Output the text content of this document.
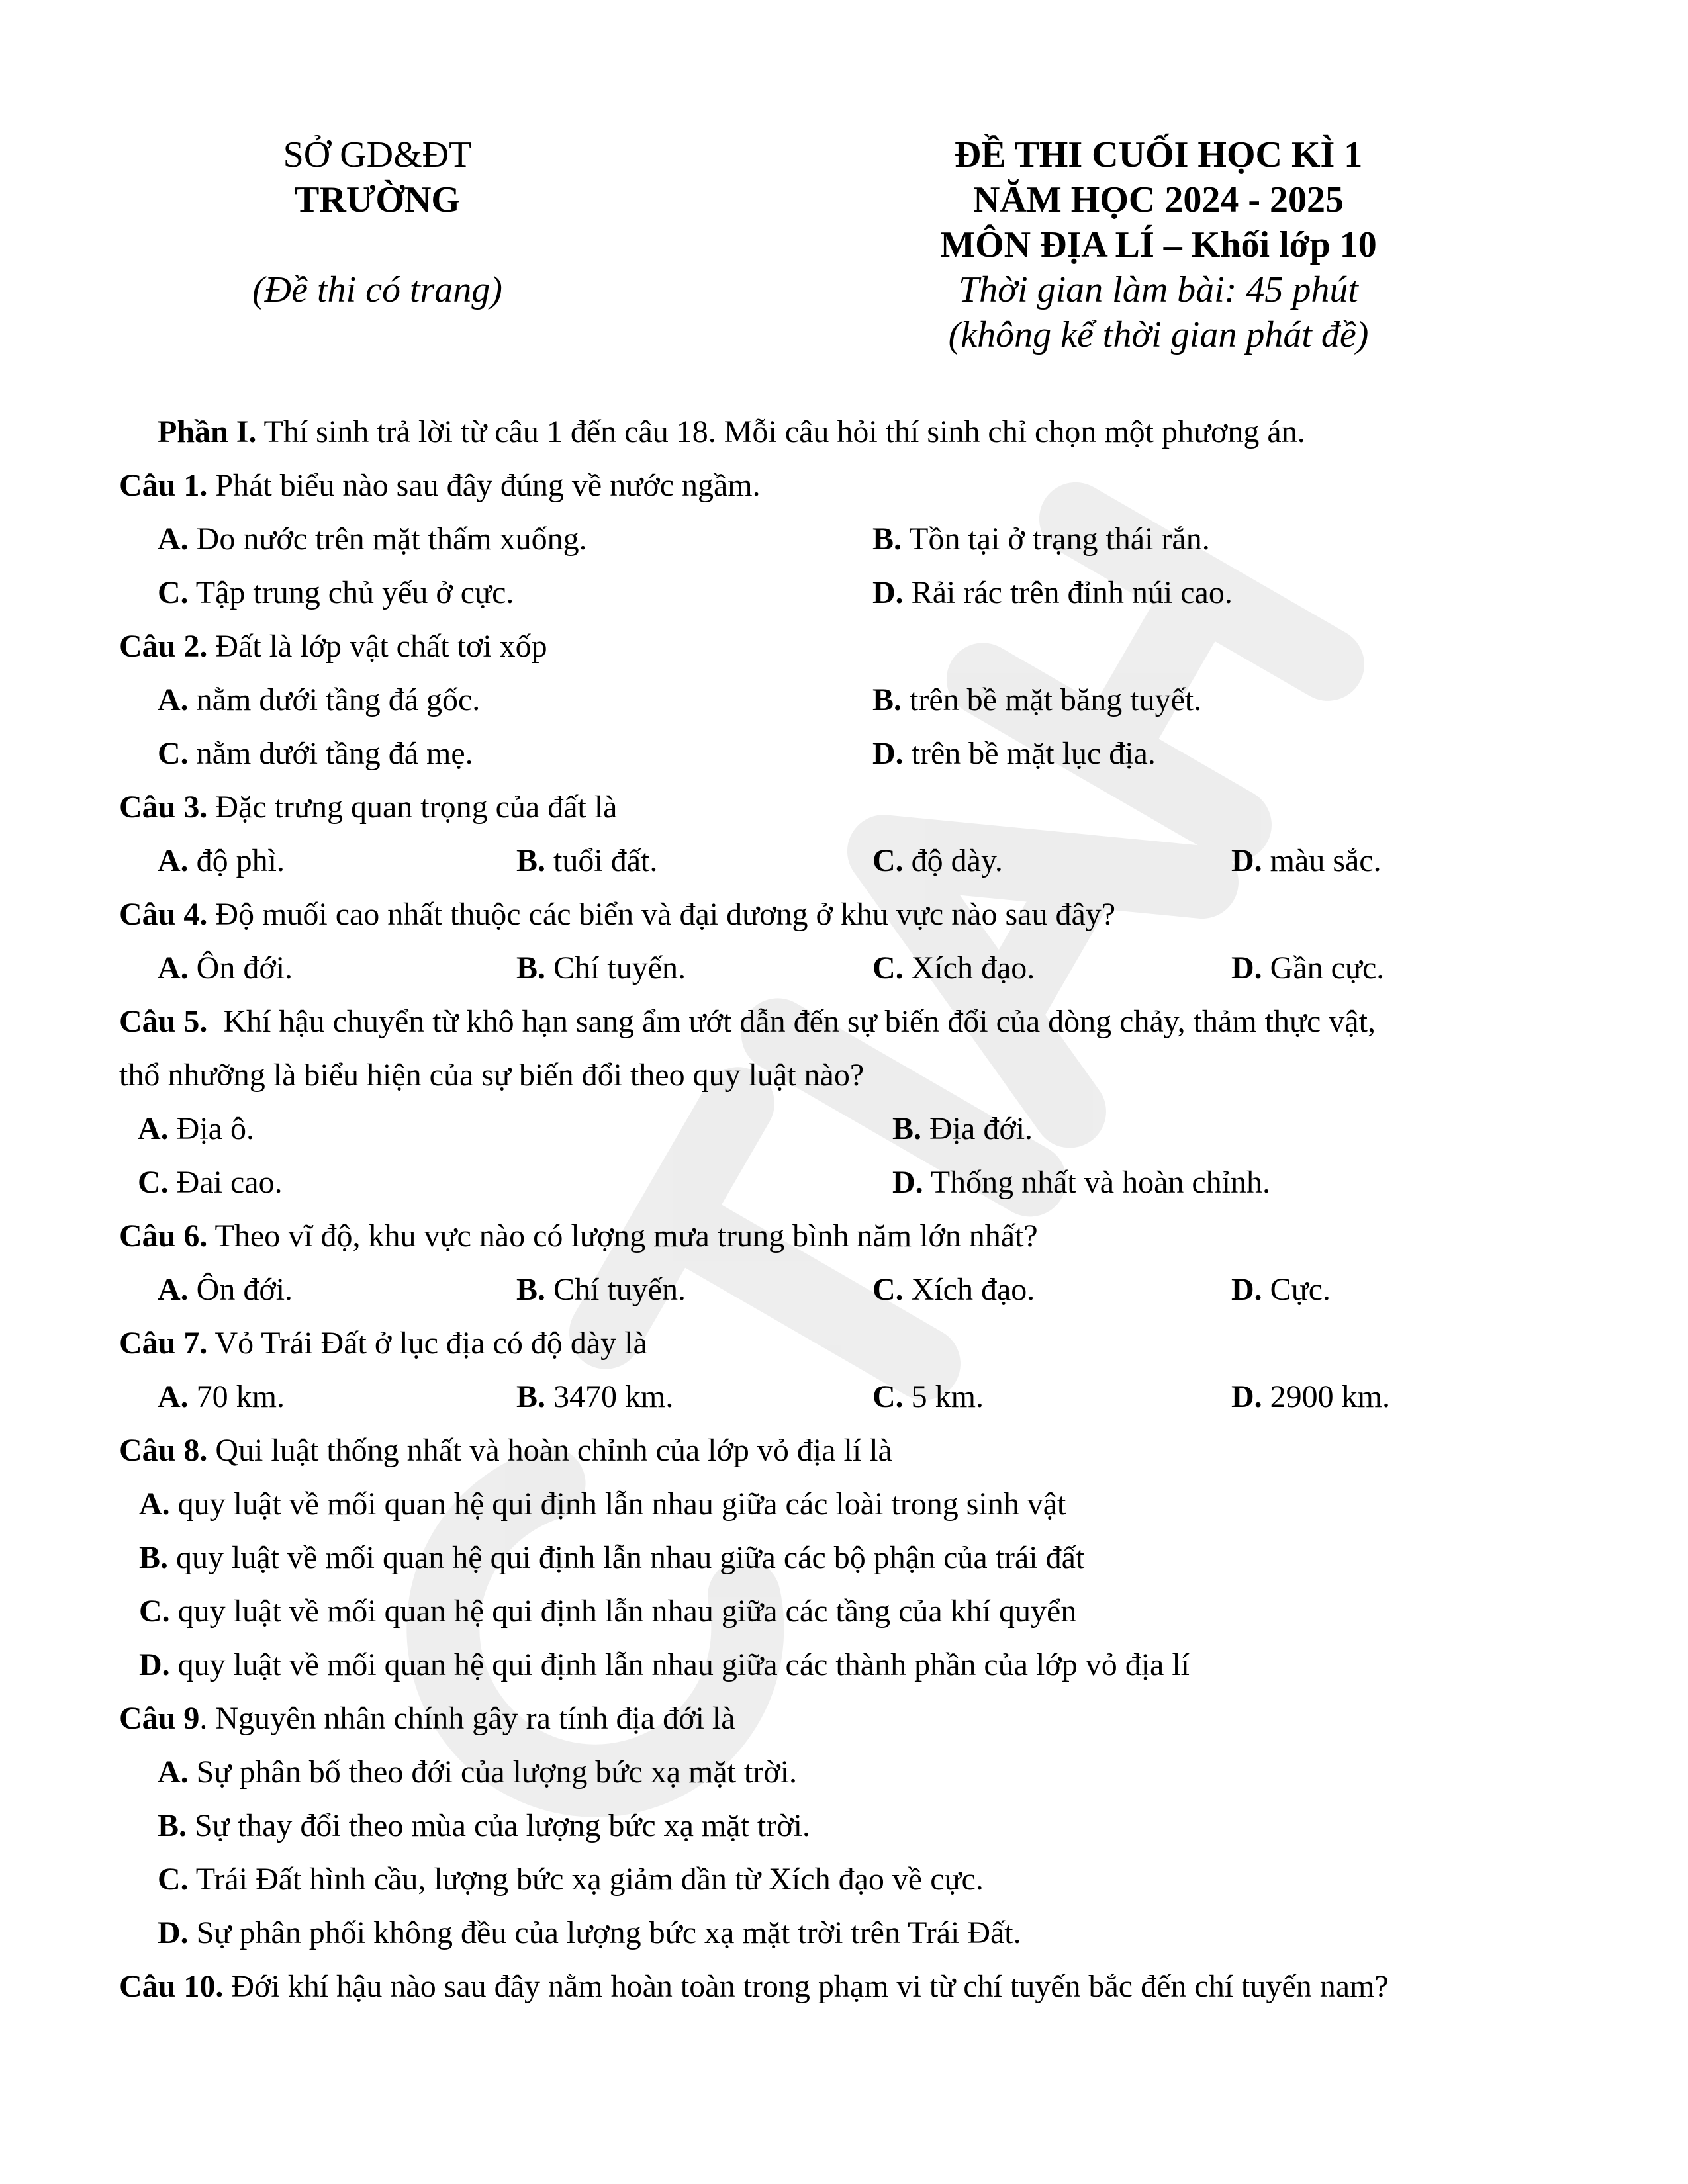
SỞ GD&ĐT
TRƯỜNG
(Đề thi có trang)
ĐỀ THI CUỐI HỌC KÌ 1
NĂM HỌC 2024 - 2025
MÔN ĐỊA LÍ – Khối lớp 10
Thời gian làm bài: 45 phút
(không kể thời gian phát đề)
Phần I. Thí sinh trả lời từ câu 1 đến câu 18. Mỗi câu hỏi thí sinh chỉ chọn một phương án.
Câu 1. Phát biểu nào sau đây đúng về nước ngầm.
A. Do nước trên mặt thấm xuống.	B. Tồn tại ở trạng thái rắn.
C. Tập trung chủ yếu ở cực.	D. Rải rác trên đỉnh núi cao.
Câu 2. Đất là lớp vật chất tơi xốp
A. nằm dưới tầng đá gốc.	B. trên bề mặt băng tuyết.
C. nằm dưới tầng đá mẹ.	D. trên bề mặt lục địa.
Câu 3. Đặc trưng quan trọng của đất là
A. độ phì.	B. tuổi đất.	C. độ dày.	D. màu sắc.
Câu 4. Độ muối cao nhất thuộc các biển và đại dương ở khu vực nào sau đây?
A. Ôn đới.	B. Chí tuyến.	C. Xích đạo.	D. Gần cực.
Câu 5.  Khí hậu chuyển từ khô hạn sang ẩm ướt dẫn đến sự biến đổi của dòng chảy, thảm thực vật,
thổ nhưỡng là biểu hiện của sự biến đổi theo quy luật nào?
A. Địa ô.	B. Địa đới.
C. Đai cao.	D. Thống nhất và hoàn chỉnh.
Câu 6. Theo vĩ độ, khu vực nào có lượng mưa trung bình năm lớn nhất?
A. Ôn đới.	B. Chí tuyến.	C. Xích đạo.	D. Cực.
Câu 7. Vỏ Trái Đất ở lục địa có độ dày là
A. 70 km.	B. 3470 km.	C. 5 km.	D. 2900 km.
Câu 8. Qui luật thống nhất và hoàn chỉnh của lớp vỏ địa lí là
A. quy luật về mối quan hệ qui định lẫn nhau giữa các loài trong sinh vật
B. quy luật về mối quan hệ qui định lẫn nhau giữa các bộ phận của trái đất
C. quy luật về mối quan hệ qui định lẫn nhau giữa các tầng của khí quyển
D. quy luật về mối quan hệ qui định lẫn nhau giữa các thành phần của lớp vỏ địa lí
Câu 9. Nguyên nhân chính gây ra tính địa đới là
A. Sự phân bố theo đới của lượng bức xạ mặt trời.
B. Sự thay đổi theo mùa của lượng bức xạ mặt trời.
C. Trái Đất hình cầu, lượng bức xạ giảm dần từ Xích đạo về cực.
D. Sự phân phối không đều của lượng bức xạ mặt trời trên Trái Đất.
Câu 10. Đới khí hậu nào sau đây nằm hoàn toàn trong phạm vi từ chí tuyến bắc đến chí tuyến nam?
